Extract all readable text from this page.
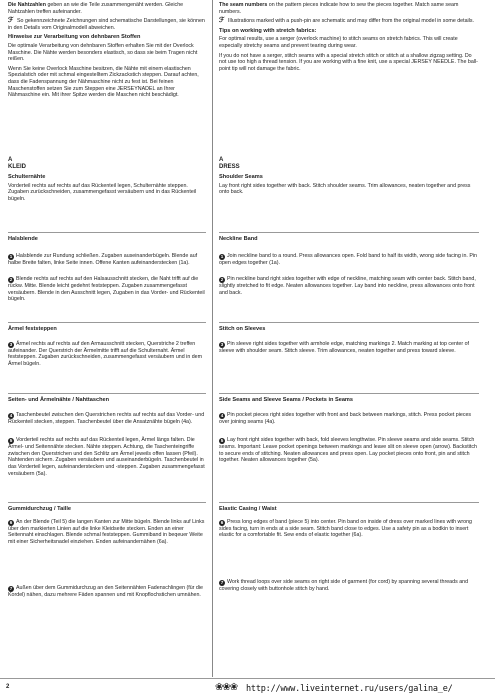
Die Nahtzahlen geben an wie die Teile zusammengenäht werden. Gleiche Nahtzahlen treffen aufeinander.
ℱ So gekennzeichnete Zeichnungen sind schematische Darstellungen, sie können in den Details vom Originalmodell abweichen.
Hinweise zur Verarbeitung von dehnbaren Stoffen
Die optimale Verarbeitung von dehnbaren Stoffen erhalten Sie mit der Overlock Maschine. Die Nähte werden besonders elastisch, so dass sie beim Tragen nicht reißen.
Wenn Sie keine Overlock Maschine besitzen, die Nähte mit einem elastischen Spezialstich oder mit schmal eingestelltem Zickzackstich steppen. Darauf achten, dass die Fadenspannung der Nähmaschine nicht zu fest ist. Bei feinen Maschenstoffen setzen Sie zum Steppen eine JERSEYNADEL an Ihrer Nähmaschine ein. Mit ihrer Spitze werden die Maschen nicht beschädigt.
A
KLEID
Schulternähte
Vorderteil rechts auf rechts auf das Rückenteil legen, Schulternähte steppen. Zugaben zurückschneiden, zusammengefasst versäubern und in das Rückenteil bügeln.
Halsblende
1 Halsblende zur Rundung schließen. Zugaben auseinanderbügeln. Blende auf halbe Breite falten, linke Seite innen. Offene Kanten aufeinanderstecken (1a).
2 Blende rechts auf rechts auf den Halsausschnitt stecken, die Naht trifft auf die rückw. Mitte. Blende leicht gedehnt feststeppen. Zugaben zusammengefasst versäubern. Blende in den Ausschnitt legen, Zugaben in das Vorder- und Rückenteil bügeln.
Ärmel feststeppen
3 Ärmel rechts auf rechts auf den Armausschnitt stecken, Querstriche 2 treffen aufeinander. Der Querstrich der Ärmelmitte trifft auf die Schulternaht. Ärmel feststeppen. Zugaben zurückschneiden, zusammengefasst versäubern und in dem Ärmel bügeln.
Seiten- und Ärmelnähte / Nahttaschen
4 Taschenbeutel zwischen den Querstrichen rechts auf rechts auf das Vorder- und Rückenteil stecken, steppen. Taschenbeutel über die Ansatznähte bügeln (4a).
5 Vorderteil rechts auf rechts auf das Rückenteil legen, Ärmel längs falten. Die Ärmel- und Seitennähte stecken. Nähte steppen. Achtung, die Taschenteingriffe zwischen den Querstrichen und den Schlitz am Ärmel jeweils offen lassen (Pfeil). Nahtenden sichern. Zugaben versäubern und auseinanderbügeln. Taschenbeutel in das Vorderteil legen, aufeinanderstecken und -steppen. Zugaben zusammengefasst versäubern (5a).
Gummidurchzug / Taille
6 An der Blende (Teil 5) die langen Kanten zur Mitte bügeln. Blende links auf Links über den markierten Linien auf die linke Kleidseite stecken. Enden an einer Seitennaht einschlagen. Blende schmal feststeppen. Gummiband in beqeuer Weite mit einer Sicherheitsnadel einziehen. Enden aufeinandernähen (6a).
7 Außen über dem Gummidurchzug an den Seitennähten Fadenschlingen (für die Kordel) nähen, dazu mehrere Fäden spannen und mit Knopflochstichen umnähen.
The seam numbers on the pattern pieces indicate how to sew the pieces together. Match same seam numbers.
ℱ Illustrations marked with a push-pin are schematic and may differ from the original model in some details.
Tips on working with stretch fabrics:
For optimal results, use a serger (overlock machine) to stitch seams on stretch fabrics. This will create especially stretchy seams and prevent tearing during wear.
If you do not have a serger, stitch seams with a special stretch stitch or stitch at a shallow zigzag setting. Do not use too high a thread tension. If you are working with a fine knit, use a special JERSEY NEEDLE. The ball-point tip will not damage the fabric.
A
DRESS
Shoulder Seams
Lay front right sides together with back. Stitch shoulder seams. Trim allowances, neaten together and press onto back.
Neckline Band
1 Join neckline band to a round. Press allowances open. Fold band to half its width, wrong side facing in. Pin open edges together (1a).
2 Pin neckline band right sides together with edge of neckline, matching seam with center back. Stitch band, slightly stretched to fit edge. Neaten allowances together. Lay band into neckline, press allowances onto front and back.
Stitch on Sleeves
3 Pin sleeve right sides together with armhole edge, matching markings 2. Match marking at top center of sleeve with shoulder seam. Stitch sleeve. Trim allowances, neaten together and press toward sleeve.
Side Seams and Sleeve Seams / Pockets in Seams
4 Pin pocket pieces right sides together with front and back between markings, stitch. Press pocket pieces over joining seams (4a).
5 Lay front right sides together with back, fold sleeves lengthwise. Pin sleeve seams and side seams. Stitch seams. Important: Leave pocket openings between markings and leave slit on sleeve open (arrow). Backstitch to secure ends of stitching. Neaten allowances and press open. Lay pocket pieces onto front, pin and stitch together. Neaten allowances together (5a).
Elastic Casing / Waist
6 Press long edges of band (piece 5) into center. Pin band on inside of dress over marked lines with wrong sides facing, turn in ends at a side seam. Stitch band close to edges. Use a safety pin as a bodkin to insert elastic for a comfortable fit. Sew ends of elastic together (6a).
7 Work thread loops over side seams on right side of garment (for cord) by spanning several threads and covering closely with buttonhole stitch by hand.
2	❀❀❀ http://www.liveinternet.ru/users/galina_e/
